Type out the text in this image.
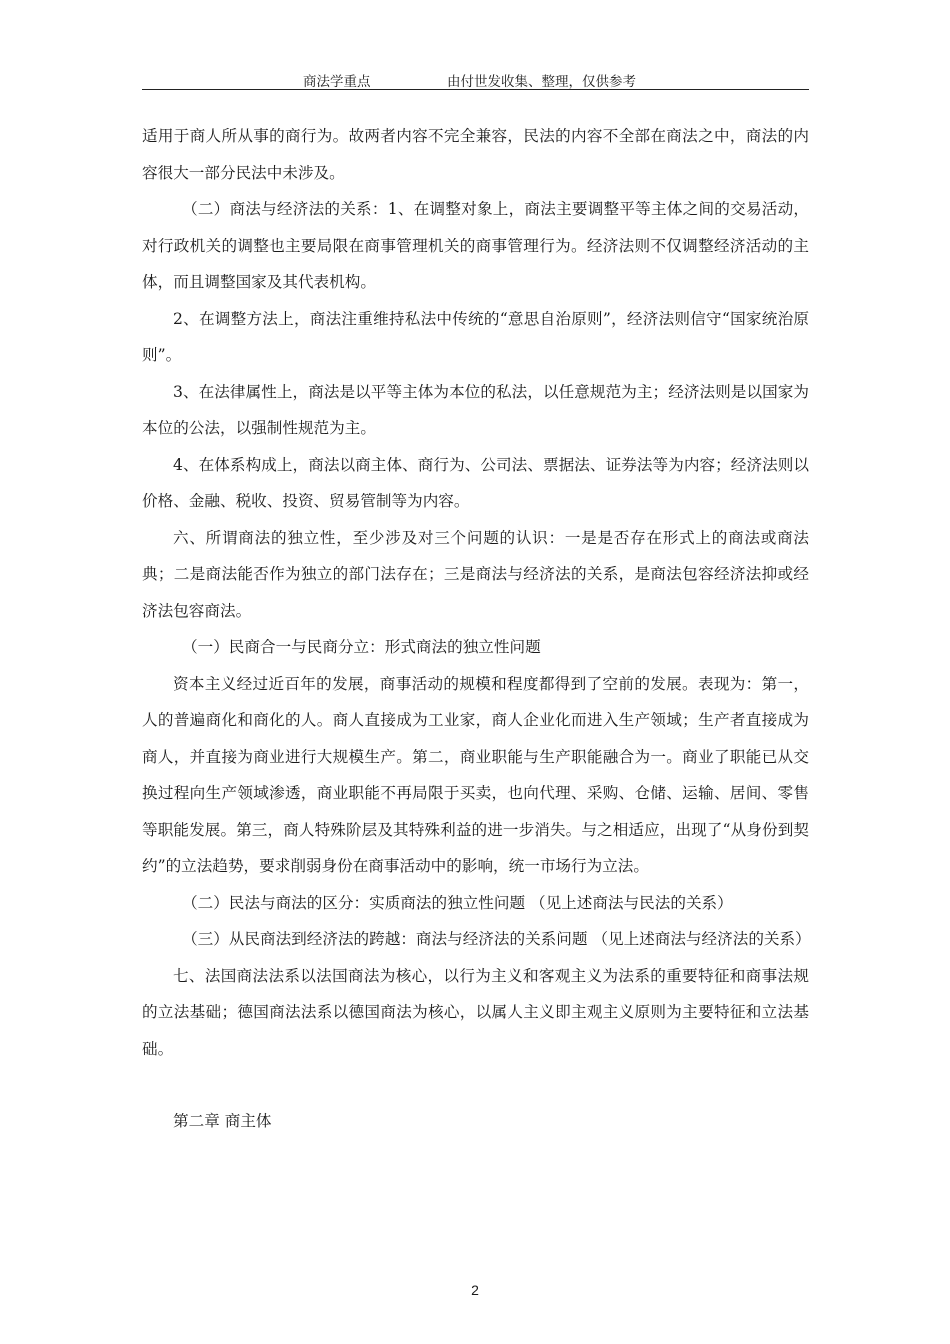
商法学重点	由付世发收集、整理，仅供参考

适用于商人所从事的商行为。故两者内容不完全兼容，民法的内容不全部在商法之中，商法的内容很大一部分民法中未涉及。

（二）商法与经济法的关系：1、在调整对象上，商法主要调整平等主体之间的交易活动，对行政机关的调整也主要局限在商事管理机关的商事管理行为。经济法则不仅调整经济活动的主体，而且调整国家及其代表机构。

2、在调整方法上，商法注重维持私法中传统的“意思自治原则”，经济法则信守“国家统治原则”。

3、在法律属性上，商法是以平等主体为本位的私法，以任意规范为主；经济法则是以国家为本位的公法，以强制性规范为主。

4、在体系构成上，商法以商主体、商行为、公司法、票据法、证券法等为内容；经济法则以价格、金融、税收、投资、贸易管制等为内容。

六、所谓商法的独立性，至少涉及对三个问题的认识：一是是否存在形式上的商法或商法典；二是商法能否作为独立的部门法存在；三是商法与经济法的关系，是商法包容经济法抑或经济法包容商法。

（一）民商合一与民商分立：形式商法的独立性问题

资本主义经过近百年的发展，商事活动的规模和程度都得到了空前的发展。表现为：第一，人的普遍商化和商化的人。商人直接成为工业家，商人企业化而进入生产领域；生产者直接成为商人，并直接为商业进行大规模生产。第二，商业职能与生产职能融合为一。商业了职能已从交换过程向生产领域渗透，商业职能不再局限于买卖，也向代理、采购、仓储、运输、居间、零售等职能发展。第三，商人特殊阶层及其特殊利益的进一步消失。与之相适应，出现了“从身份到契约”的立法趋势，要求削弱身份在商事活动中的影响，统一市场行为立法。

（二）民法与商法的区分：实质商法的独立性问题 （见上述商法与民法的关系）

（三）从民商法到经济法的跨越：商法与经济法的关系问题 （见上述商法与经济法的关系）

七、法国商法法系以法国商法为核心，以行为主义和客观主义为法系的重要特征和商事法规的立法基础；德国商法法系以德国商法为核心，以属人主义即主观主义原则为主要特征和立法基础。

第二章 商主体

2
